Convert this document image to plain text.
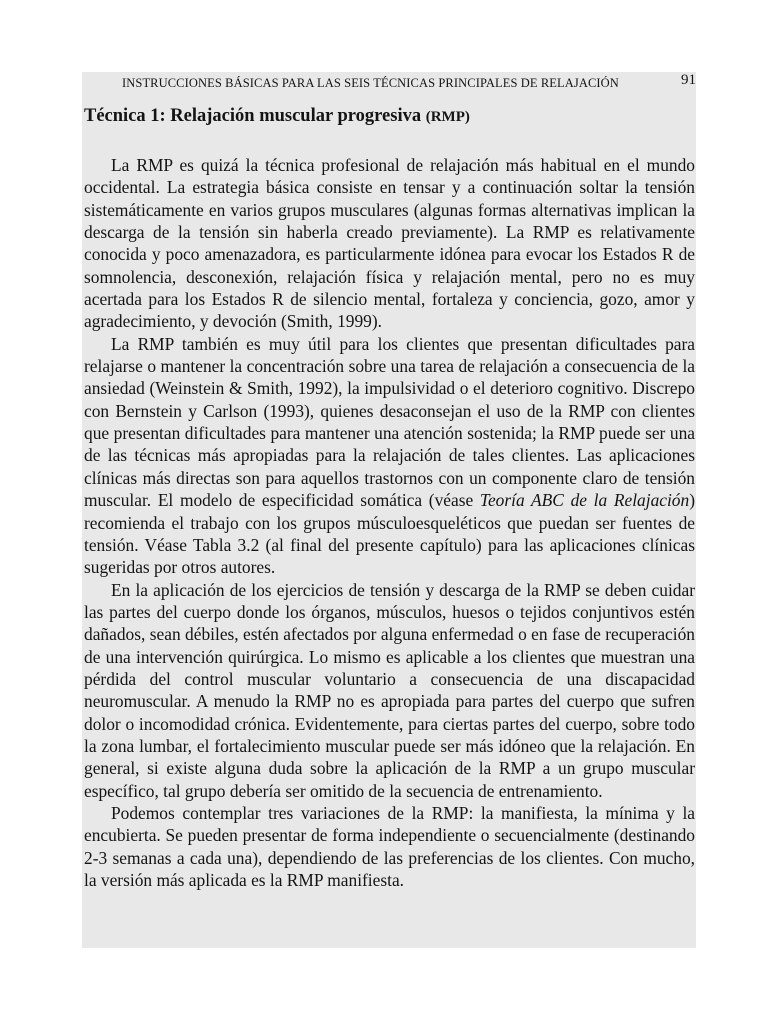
INSTRUCCIONES BÁSICAS PARA LAS SEIS TÉCNICAS PRINCIPALES DE RELAJACIÓN	91
Técnica 1: Relajación muscular progresiva (RMP)

La RMP es quizá la técnica profesional de relajación más habitual en el mundo occidental. La estrategia básica consiste en tensar y a continuación soltar la tensión sistemáticamente en varios grupos musculares (algunas formas alternativas implican la descarga de la tensión sin haberla creado previamente). La RMP es relativamente conocida y poco amenazadora, es particularmente idónea para evocar los Estados R de somnolencia, desconexión, relajación física y relajación mental, pero no es muy acertada para los Estados R de silencio mental, fortaleza y conciencia, gozo, amor y agradecimiento, y devoción (Smith, 1999).

La RMP también es muy útil para los clientes que presentan dificultades para relajarse o mantener la concentración sobre una tarea de relajación a consecuencia de la ansiedad (Weinstein & Smith, 1992), la impulsividad o el deterioro cognitivo. Discrepo con Bernstein y Carlson (1993), quienes desaconsejan el uso de la RMP con clientes que presentan dificultades para mantener una atención sostenida; la RMP puede ser una de las técnicas más apropiadas para la relajación de tales clientes. Las aplicaciones clínicas más directas son para aquellos trastornos con un componente claro de tensión muscular. El modelo de especificidad somática (véase Teoría ABC de la Relajación) recomienda el trabajo con los grupos músculoesqueléticos que puedan ser fuentes de tensión. Véase Tabla 3.2 (al final del presente capítulo) para las aplicaciones clínicas sugeridas por otros autores.

En la aplicación de los ejercicios de tensión y descarga de la RMP se deben cuidar las partes del cuerpo donde los órganos, músculos, huesos o tejidos conjuntivos estén dañados, sean débiles, estén afectados por alguna enfermedad o en fase de recuperación de una intervención quirúrgica. Lo mismo es aplicable a los clientes que muestran una pérdida del control muscular voluntario a consecuencia de una discapacidad neuromuscular. A menudo la RMP no es apropiada para partes del cuerpo que sufren dolor o incomodidad crónica. Evidentemente, para ciertas partes del cuerpo, sobre todo la zona lumbar, el fortalecimiento muscular puede ser más idóneo que la relajación. En general, si existe alguna duda sobre la aplicación de la RMP a un grupo muscular específico, tal grupo debería ser omitido de la secuencia de entrenamiento.

Podemos contemplar tres variaciones de la RMP: la manifiesta, la mínima y la encubierta. Se pueden presentar de forma independiente o secuencialmente (destinando 2-3 semanas a cada una), dependiendo de las preferencias de los clientes. Con mucho, la versión más aplicada es la RMP manifiesta.
